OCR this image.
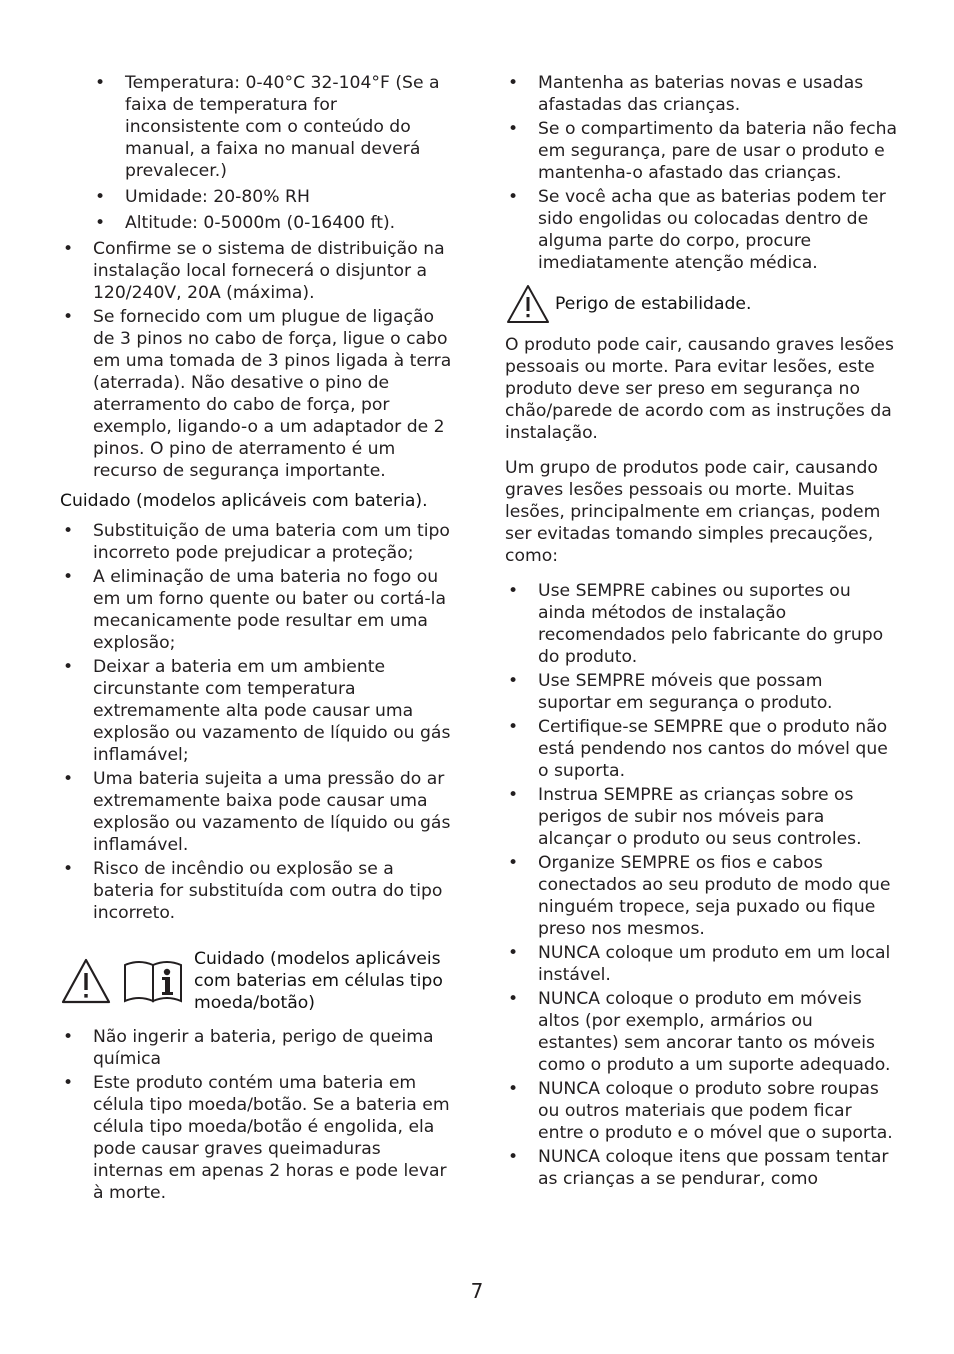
• Temperatura: 0-40°C 32-104°F (Se a faixa de temperatura for inconsistente com o conteúdo do manual, a faixa no manual deverá prevalecer.)
• Umidade: 20-80% RH
• Altitude: 0-5000m (0-16400 ft).
• Confirme se o sistema de distribuição na instalação local fornecerá o disjuntor a 120/240V, 20A (máxima).
• Se fornecido com um plugue de ligação de 3 pinos no cabo de força, ligue o cabo em uma tomada de 3 pinos ligada à terra (aterrada). Não desative o pino de aterramento do cabo de força, por exemplo, ligando-o a um adaptador de 2 pinos. O pino de aterramento é um recurso de segurança importante.

Cuidado (modelos aplicáveis com bateria).

• Substituição de uma bateria com um tipo incorreto pode prejudicar a proteção;
• A eliminação de uma bateria no fogo ou em um forno quente ou bater ou cortá-la mecanicamente pode resultar em uma explosão;
• Deixar a bateria em um ambiente circunstante com temperatura extremamente alta pode causar uma explosão ou vazamento de líquido ou gás inflamável;
• Uma bateria sujeita a uma pressão do ar extremamente baixa pode causar uma explosão ou vazamento de líquido ou gás inflamável.
• Risco de incêndio ou explosão se a bateria for substituída com outra do tipo incorreto.

Cuidado (modelos aplicáveis com baterias em células tipo moeda/botão)

• Não ingerir a bateria, perigo de queima química
• Este produto contém uma bateria em célula tipo moeda/botão. Se a bateria em célula tipo moeda/botão é engolida, ela pode causar graves queimaduras internas em apenas 2 horas e pode levar à morte.
• Mantenha as baterias novas e usadas afastadas das crianças.
• Se o compartimento da bateria não fecha em segurança, pare de usar o produto e mantenha-o afastado das crianças.
• Se você acha que as baterias podem ter sido engolidas ou colocadas dentro de alguma parte do corpo, procure imediatamente atenção médica.

Perigo de estabilidade.

O produto pode cair, causando graves lesões pessoais ou morte. Para evitar lesões, este produto deve ser preso em segurança no chão/parede de acordo com as instruções da instalação.

Um grupo de produtos pode cair, causando graves lesões pessoais ou morte. Muitas lesões, principalmente em crianças, podem ser evitadas tomando simples precauções, como:

• Use SEMPRE cabines ou suportes ou ainda métodos de instalação recomendados pelo fabricante do grupo do produto.
• Use SEMPRE móveis que possam suportar em segurança o produto.
• Certifique-se SEMPRE que o produto não está pendendo nos cantos do móvel que o suporta.
• Instrua SEMPRE as crianças sobre os perigos de subir nos móveis para alcançar o produto ou seus controles.
• Organize SEMPRE os fios e cabos conectados ao seu produto de modo que ninguém tropece, seja puxado ou fique preso nos mesmos.
• NUNCA coloque um produto em um local instável.
• NUNCA coloque o produto em móveis altos (por exemplo, armários ou estantes) sem ancorar tanto os móveis como o produto a um suporte adequado.
• NUNCA coloque o produto sobre roupas ou outros materiais que podem ficar entre o produto e o móvel que o suporta.
• NUNCA coloque itens que possam tentar as crianças a se pendurar, como
7
